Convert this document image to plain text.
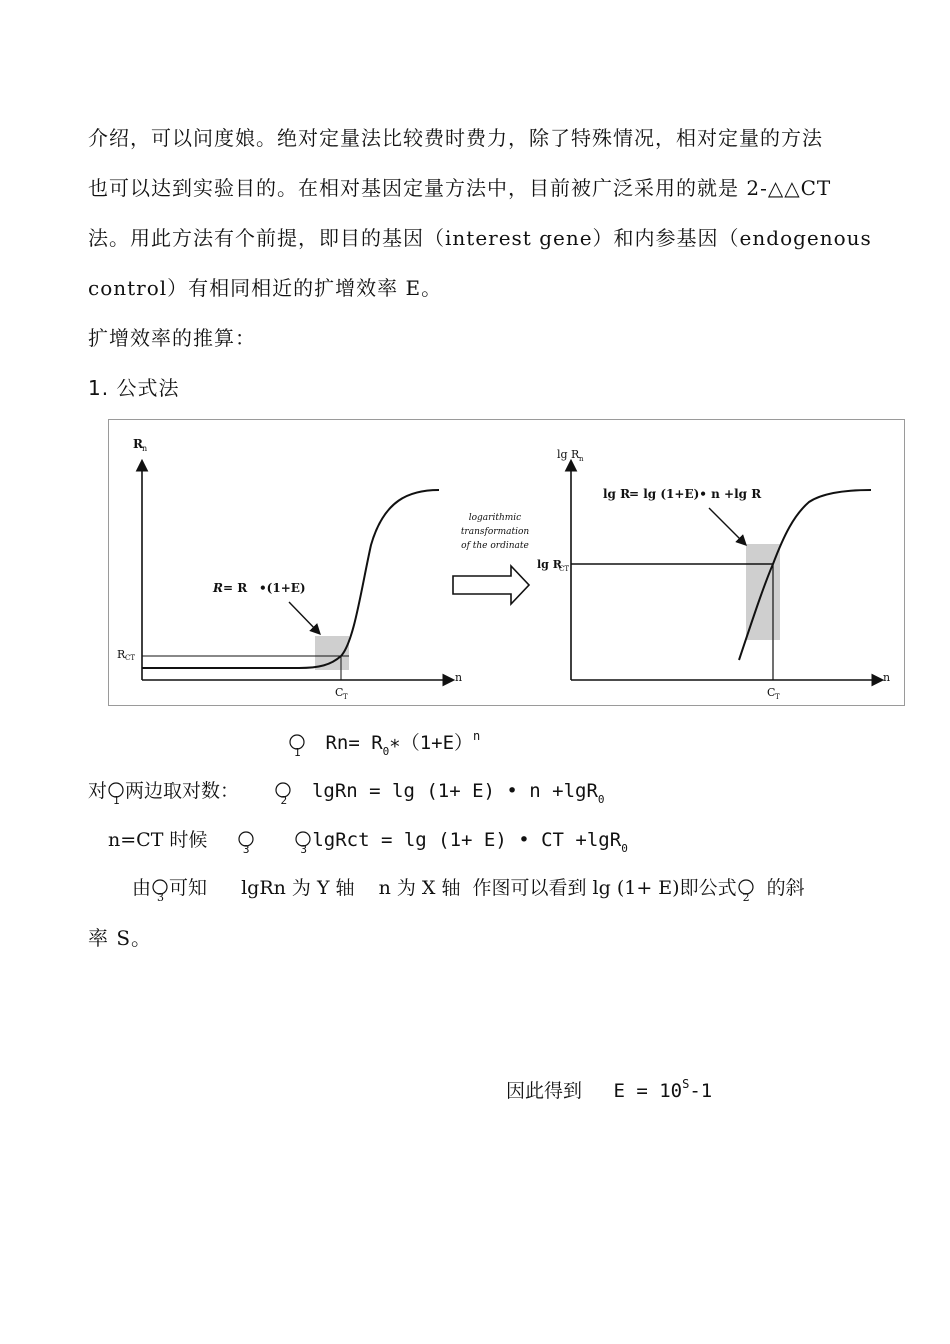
介绍，可以问度娘。绝对定量法比较费时费力，除了特殊情况，相对定量的方法
也可以达到实验目的。在相对基因定量方法中，目前被广泛采用的就是 2-△△CT
法。用此方法有个前提，即目的基因（interest gene）和内参基因（endogenous
control）有相同相近的扩增效率 E。
扩增效率的推算：
1. 公式法
R n
R CT
R = R •(1+E)
n
C T
logarithmic
transformation
of the ordinate
lg R n
lg R
= lg (1+E)• n +lg R
lg R
CT
n
C T
1 $Rn= R_0∗(1+E)^n$
对 1 两边取对数：	2 lgRn = lg (1+ E) • n +lgR$_0$
n=CT 时候	3
	3 lgRct = lg (1+ E) • CT +lgR$_0$
由 3 可知 lgRn 为 Y 轴 n 为 X 轴 作图可以看到 lg (1+ E)即公式 2 的斜
率 S。
因此得到 $E = 10^S-1$
